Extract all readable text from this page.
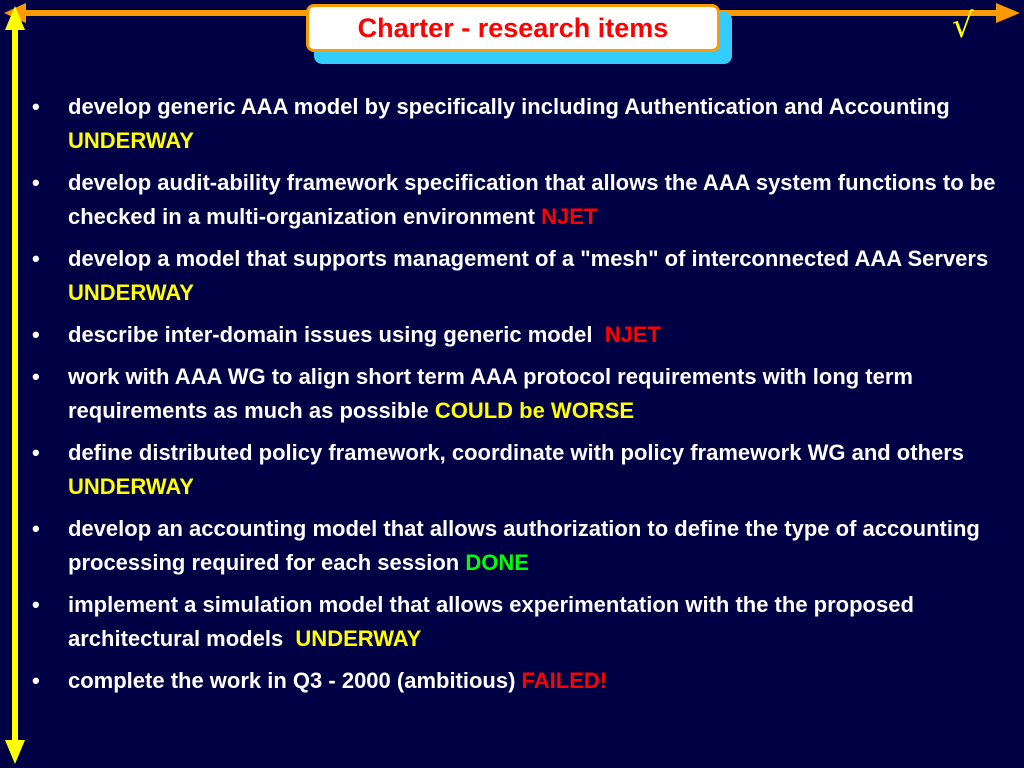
Charter - research items	√
• develop generic AAA model by specifically including Authentication and Accounting UNDERWAY
• develop audit-ability framework specification that allows the AAA system functions to be checked in a multi-organization environment NJET
• develop a model that supports management of a "mesh" of interconnected AAA Servers UNDERWAY
• describe inter-domain issues using generic model  NJET
• work with AAA WG to align short term AAA protocol requirements with long term requirements as much as possible COULD be WORSE
• define distributed policy framework, coordinate with policy framework WG and others  UNDERWAY
• develop an accounting model that allows authorization to define the type of accounting processing required for each session DONE
• implement a simulation model that allows experimentation with the the proposed architectural models  UNDERWAY
• complete the work in Q3 - 2000 (ambitious) FAILED!
